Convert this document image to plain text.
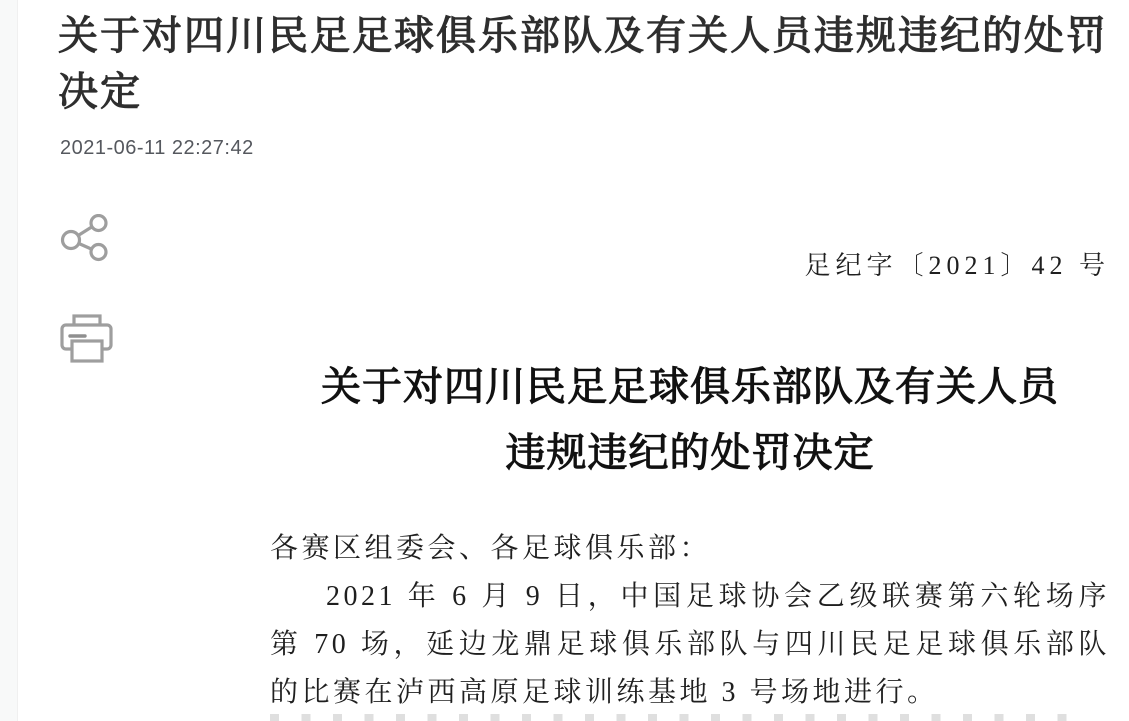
关于对四川民足足球俱乐部队及有关人员违规违纪的处罚决定
2021-06-11 22:27:42
足纪字〔2021〕42 号
关于对四川民足足球俱乐部队及有关人员
违规违纪的处罚决定

各赛区组委会、各足球俱乐部：

2021 年 6 月 9 日，中国足球协会乙级联赛第六轮场序第 70 场，延边龙鼎足球俱乐部队与四川民足足球俱乐部队的比赛在泸西高原足球训练基地 3 号场地进行。
